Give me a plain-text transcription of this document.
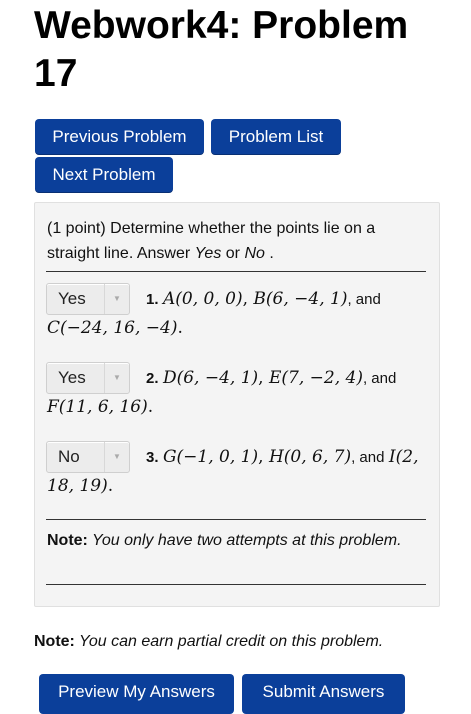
Webwork4: Problem
17
Previous Problem	Problem List
Next Problem
(1 point) Determine whether the points lie on a straight line. Answer Yes or No .
Yes	▼	1. A(0, 0, 0), B(6, −4, 1), and C(−24, 16, −4).
Yes	▼	2. D(6, −4, 1), E(7, −2, 4), and F(11, 6, 16).
No	▼	3. G(−1, 0, 1), H(0, 6, 7), and I(2, 18, 19).
Note: You only have two attempts at this problem.
Note: You can earn partial credit on this problem.
Preview My Answers	Submit Answers
